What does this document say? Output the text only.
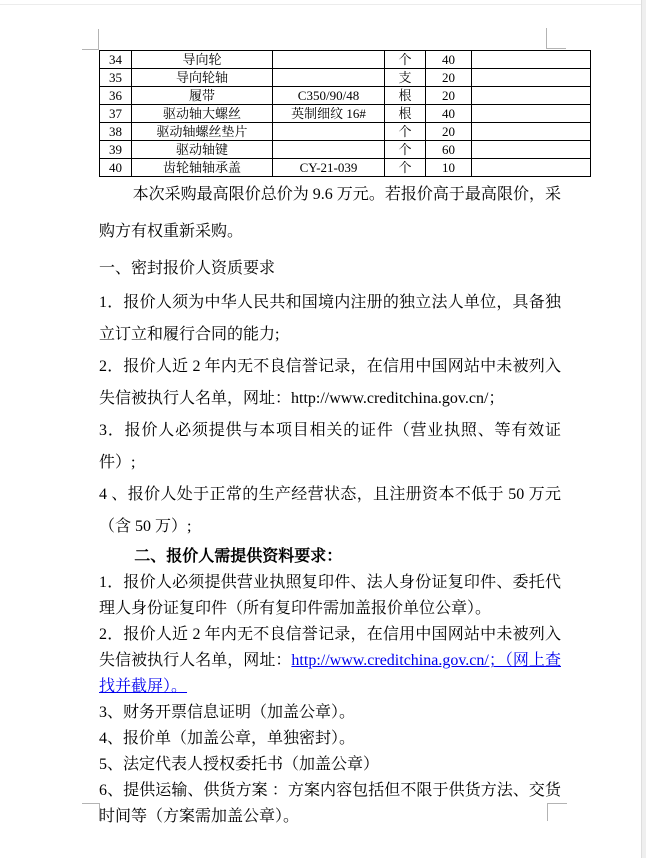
34	导向轮		个	40	
35	导向轮轴		支	20	
36	履带	C350/90/48	根	20	
37	驱动轴大螺丝	英制细纹 16#	根	40	
38	驱动轴螺丝垫片		个	20	
39	驱动轴键		个	60	
40	齿轮轴轴承盖	CY-21-039	个	10	

本次采购最高限价总价为 9.6 万元。若报价高于最高限价，采购方有权重新采购。

一、密封报价人资质要求

1．报价人须为中华人民共和国境内注册的独立法人单位，具备独立订立和履行合同的能力;

2．报价人近 2 年内无不良信誉记录，在信用中国网站中未被列入失信被执行人名单，网址：http://www.creditchina.gov.cn/；

3．报价人必须提供与本项目相关的证件（营业执照、等有效证件）;

4 、报价人处于正常的生产经营状态，且注册资本不低于 50 万元（含 50 万）;

二、报价人需提供资料要求：

1．报价人必须提供营业执照复印件、法人身份证复印件、委托代理人身份证复印件（所有复印件需加盖报价单位公章）。

2．报价人近 2 年内无不良信誉记录，在信用中国网站中未被列入失信被执行人名单，网址：http://www.creditchina.gov.cn/；（网上查找并截屏）。

3、财务开票信息证明（加盖公章）。

4、报价单（加盖公章，单独密封）。

5、法定代表人授权委托书（加盖公章）

6、提供运输、供货方案 ：方案内容包括但不限于供货方法、交货时间等（方案需加盖公章）。
